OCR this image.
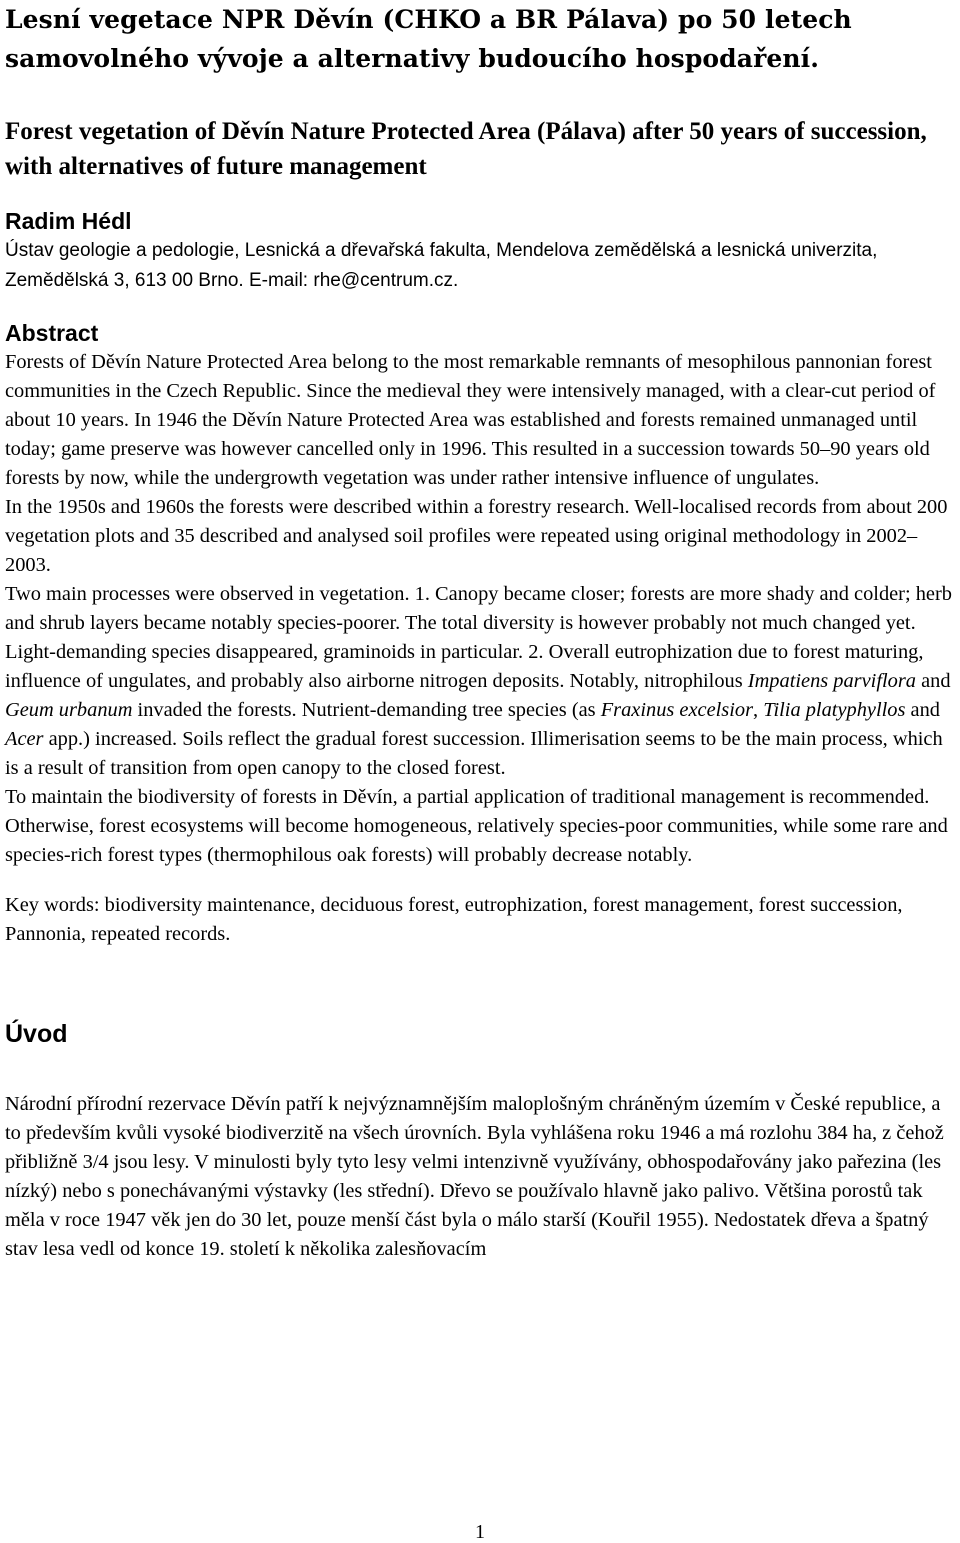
Lesní vegetace NPR Děvín (CHKO a BR Pálava) po 50 letech samovolného vývoje a alternativy budoucího hospodaření.
Forest vegetation of Děvín Nature Protected Area (Pálava) after 50 years of succession, with alternatives of future management
Radim Hédl
Ústav geologie a pedologie, Lesnická a dřevařská fakulta, Mendelova zemědělská a lesnická univerzita, Zemědělská 3, 613 00 Brno. E-mail: rhe@centrum.cz.
Abstract

Forests of Děvín Nature Protected Area belong to the most remarkable remnants of mesophilous pannonian forest communities in the Czech Republic. Since the medieval they were intensively managed, with a clear-cut period of about 10 years. In 1946 the Děvín Nature Protected Area was established and forests remained unmanaged until today; game preserve was however cancelled only in 1996. This resulted in a succession towards 50–90 years old forests by now, while the undergrowth vegetation was under rather intensive influence of ungulates.

In the 1950s and 1960s the forests were described within a forestry research. Well-localised records from about 200 vegetation plots and 35 described and analysed soil profiles were repeated using original methodology in 2002–2003.

Two main processes were observed in vegetation. 1. Canopy became closer; forests are more shady and colder; herb and shrub layers became notably species-poorer. The total diversity is however probably not much changed yet. Light-demanding species disappeared, graminoids in particular. 2. Overall eutrophization due to forest maturing, influence of ungulates, and probably also airborne nitrogen deposits. Notably, nitrophilous Impatiens parviflora and Geum urbanum invaded the forests. Nutrient-demanding tree species (as Fraxinus excelsior, Tilia platyphyllos and Acer app.) increased. Soils reflect the gradual forest succession. Illimerisation seems to be the main process, which is a result of transition from open canopy to the closed forest.

To maintain the biodiversity of forests in Děvín, a partial application of traditional management is recommended. Otherwise, forest ecosystems will become homogeneous, relatively species-poor communities, while some rare and species-rich forest types (thermophilous oak forests) will probably decrease notably.

Key words: biodiversity maintenance, deciduous forest, eutrophization, forest management, forest succession, Pannonia, repeated records.

Úvod

Národní přírodní rezervace Děvín patří k nejvýznamnějším maloplošným chráněným územím v České republice, a to především kvůli vysoké biodiverzitě na všech úrovních. Byla vyhlášena roku 1946 a má rozlohu 384 ha, z čehož přibližně 3/4 jsou lesy. V minulosti byly tyto lesy velmi intenzivně využívány, obhospodařovány jako pařezina (les nízký) nebo s ponechávanými výstavky (les střední). Dřevo se používalo hlavně jako palivo. Většina porostů tak měla v roce 1947 věk jen do 30 let, pouze menší část byla o málo starší (Kouřil 1955). Nedostatek dřeva a špatný stav lesa vedl od konce 19. století k několika zalesňovacím

1
